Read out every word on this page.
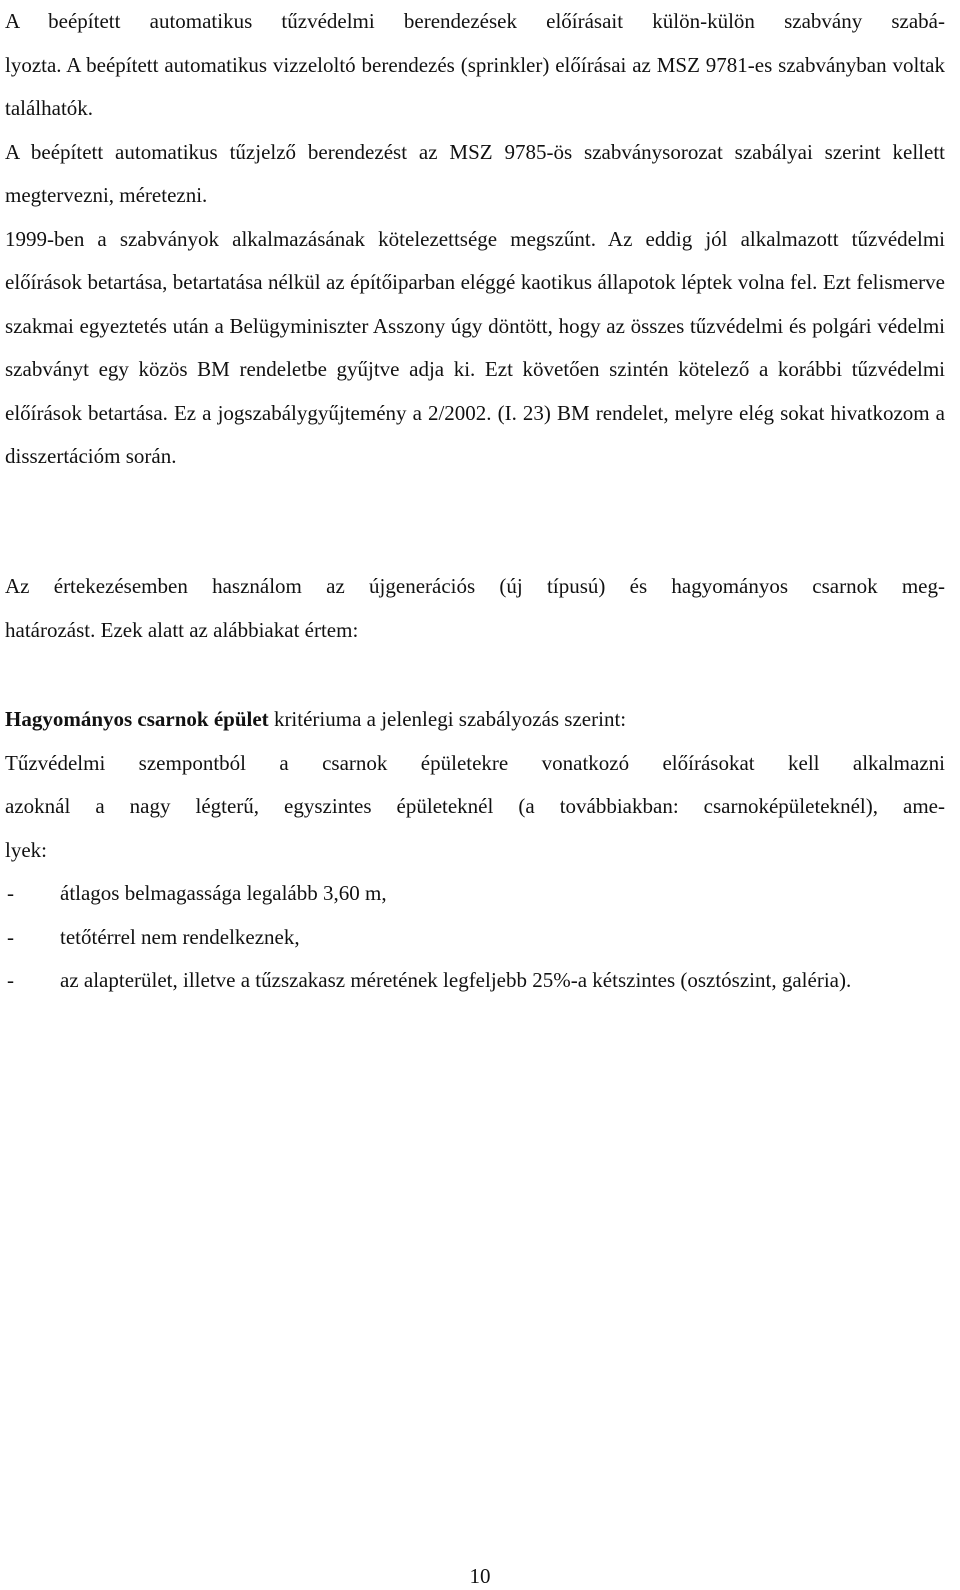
A beépített automatikus tűzvédelmi berendezések előírásait külön-külön szabvány szabá-
lyozta. A beépített automatikus vizzeloltó berendezés (sprinkler) előírásai az MSZ 9781-es szabványban voltak találhatók.

A beépített automatikus tűzjelző berendezést az MSZ 9785-ös szabványsorozat szabályai szerint kellett megtervezni, méretezni.

1999-ben a szabványok alkalmazásának kötelezettsége megszűnt. Az eddig jól alkalmazott tűzvédelmi előírások betartása, betartatása nélkül az építőiparban eléggé kaotikus állapotok léptek volna fel. Ezt felismerve szakmai egyeztetés után a Belügyminiszter Asszony úgy döntött, hogy az összes tűzvédelmi és polgári védelmi szabványt egy közös BM rendeletbe gyűjtve adja ki. Ezt követően szintén kötelező a korábbi tűzvédelmi előírások betartása. Ez a jogszabálygyűjtemény a 2/2002. (I. 23) BM rendelet, melyre elég sokat hivatkozom a disszertációm során.

Az értekezésemben használom az újgenerációs (új típusú) és hagyományos csarnok meg-
határozást. Ezek alatt az alábbiakat értem:

Hagyományos csarnok épület kritériuma a jelenlegi szabályozás szerint:

Tűzvédelmi szempontból a csarnok épületekre vonatkozó előírásokat kell alkalmazni
azoknál a nagy légterű, egyszintes épületeknél (a továbbiakban: csarnoképületeknél), ame-
lyek:

- átlagos belmagassága legalább 3,60 m,
- tetőtérrel nem rendelkeznek,
- az alapterület, illetve a tűzszakasz méretének legfeljebb 25%-a kétszintes (osztószint, galéria).
10
